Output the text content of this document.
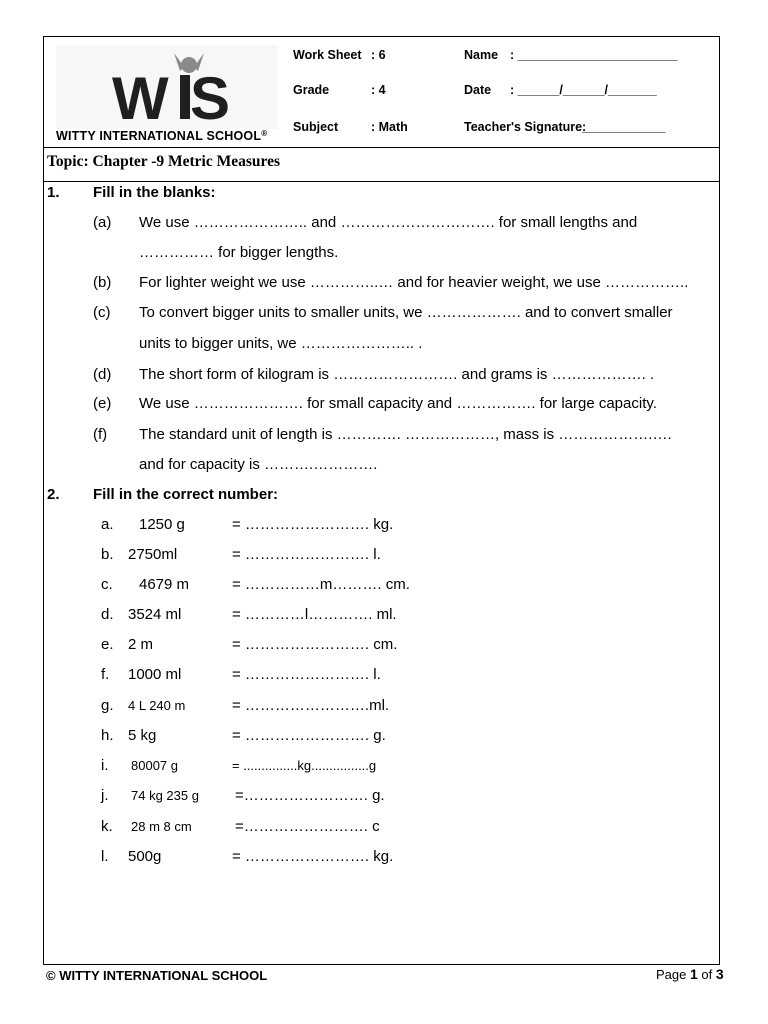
W S
WITTY INTERNATIONAL SCHOOL®
Work Sheet : 6
Grade	: 4
Subject	: Math
Name : _______________________
Date : ______/______/_______
Teacher's Signature:
____________
Topic: Chapter -9 Metric Measures
1. Fill in the blanks:
(a) We use ………………….. and …………………………. for small lengths and
…………… for bigger lengths.
(b) For lighter weight we use …………..… and for heavier weight, we use ……………..
(c) To convert bigger units to smaller units, we ………………. and to convert smaller
units to bigger units, we ………………….. .
(d) The short form of kilogram is ……………………. and grams is ………………. .
(e) We use …………………. for small capacity and ……………. for large capacity.
(f) The standard unit of length is …………. ………………, mass is ……………….….
and for capacity is ……….………….
2. Fill in the correct number:
a. 1250 g	= ……………………. kg.
b. 2750ml	= ……………………. l.
c. 4679 m	= ……………m………. cm.
d. 3524 ml	= …………l…………. ml.
e. 2 m	= ……………………. cm.
f. 1000 ml	= ……………………. l.
g. 4 L 240 m	= …………………….ml.
h. 5 kg	= ……………………. g.
i. 80007 g	= ...............kg................g
j. 74 kg 235 g =……………………. g.
k. 28 m 8 cm	=……………………. c
l. 500g	= ……………………. kg.
© WITTY INTERNATIONAL SCHOOL	Page 1 of 3
